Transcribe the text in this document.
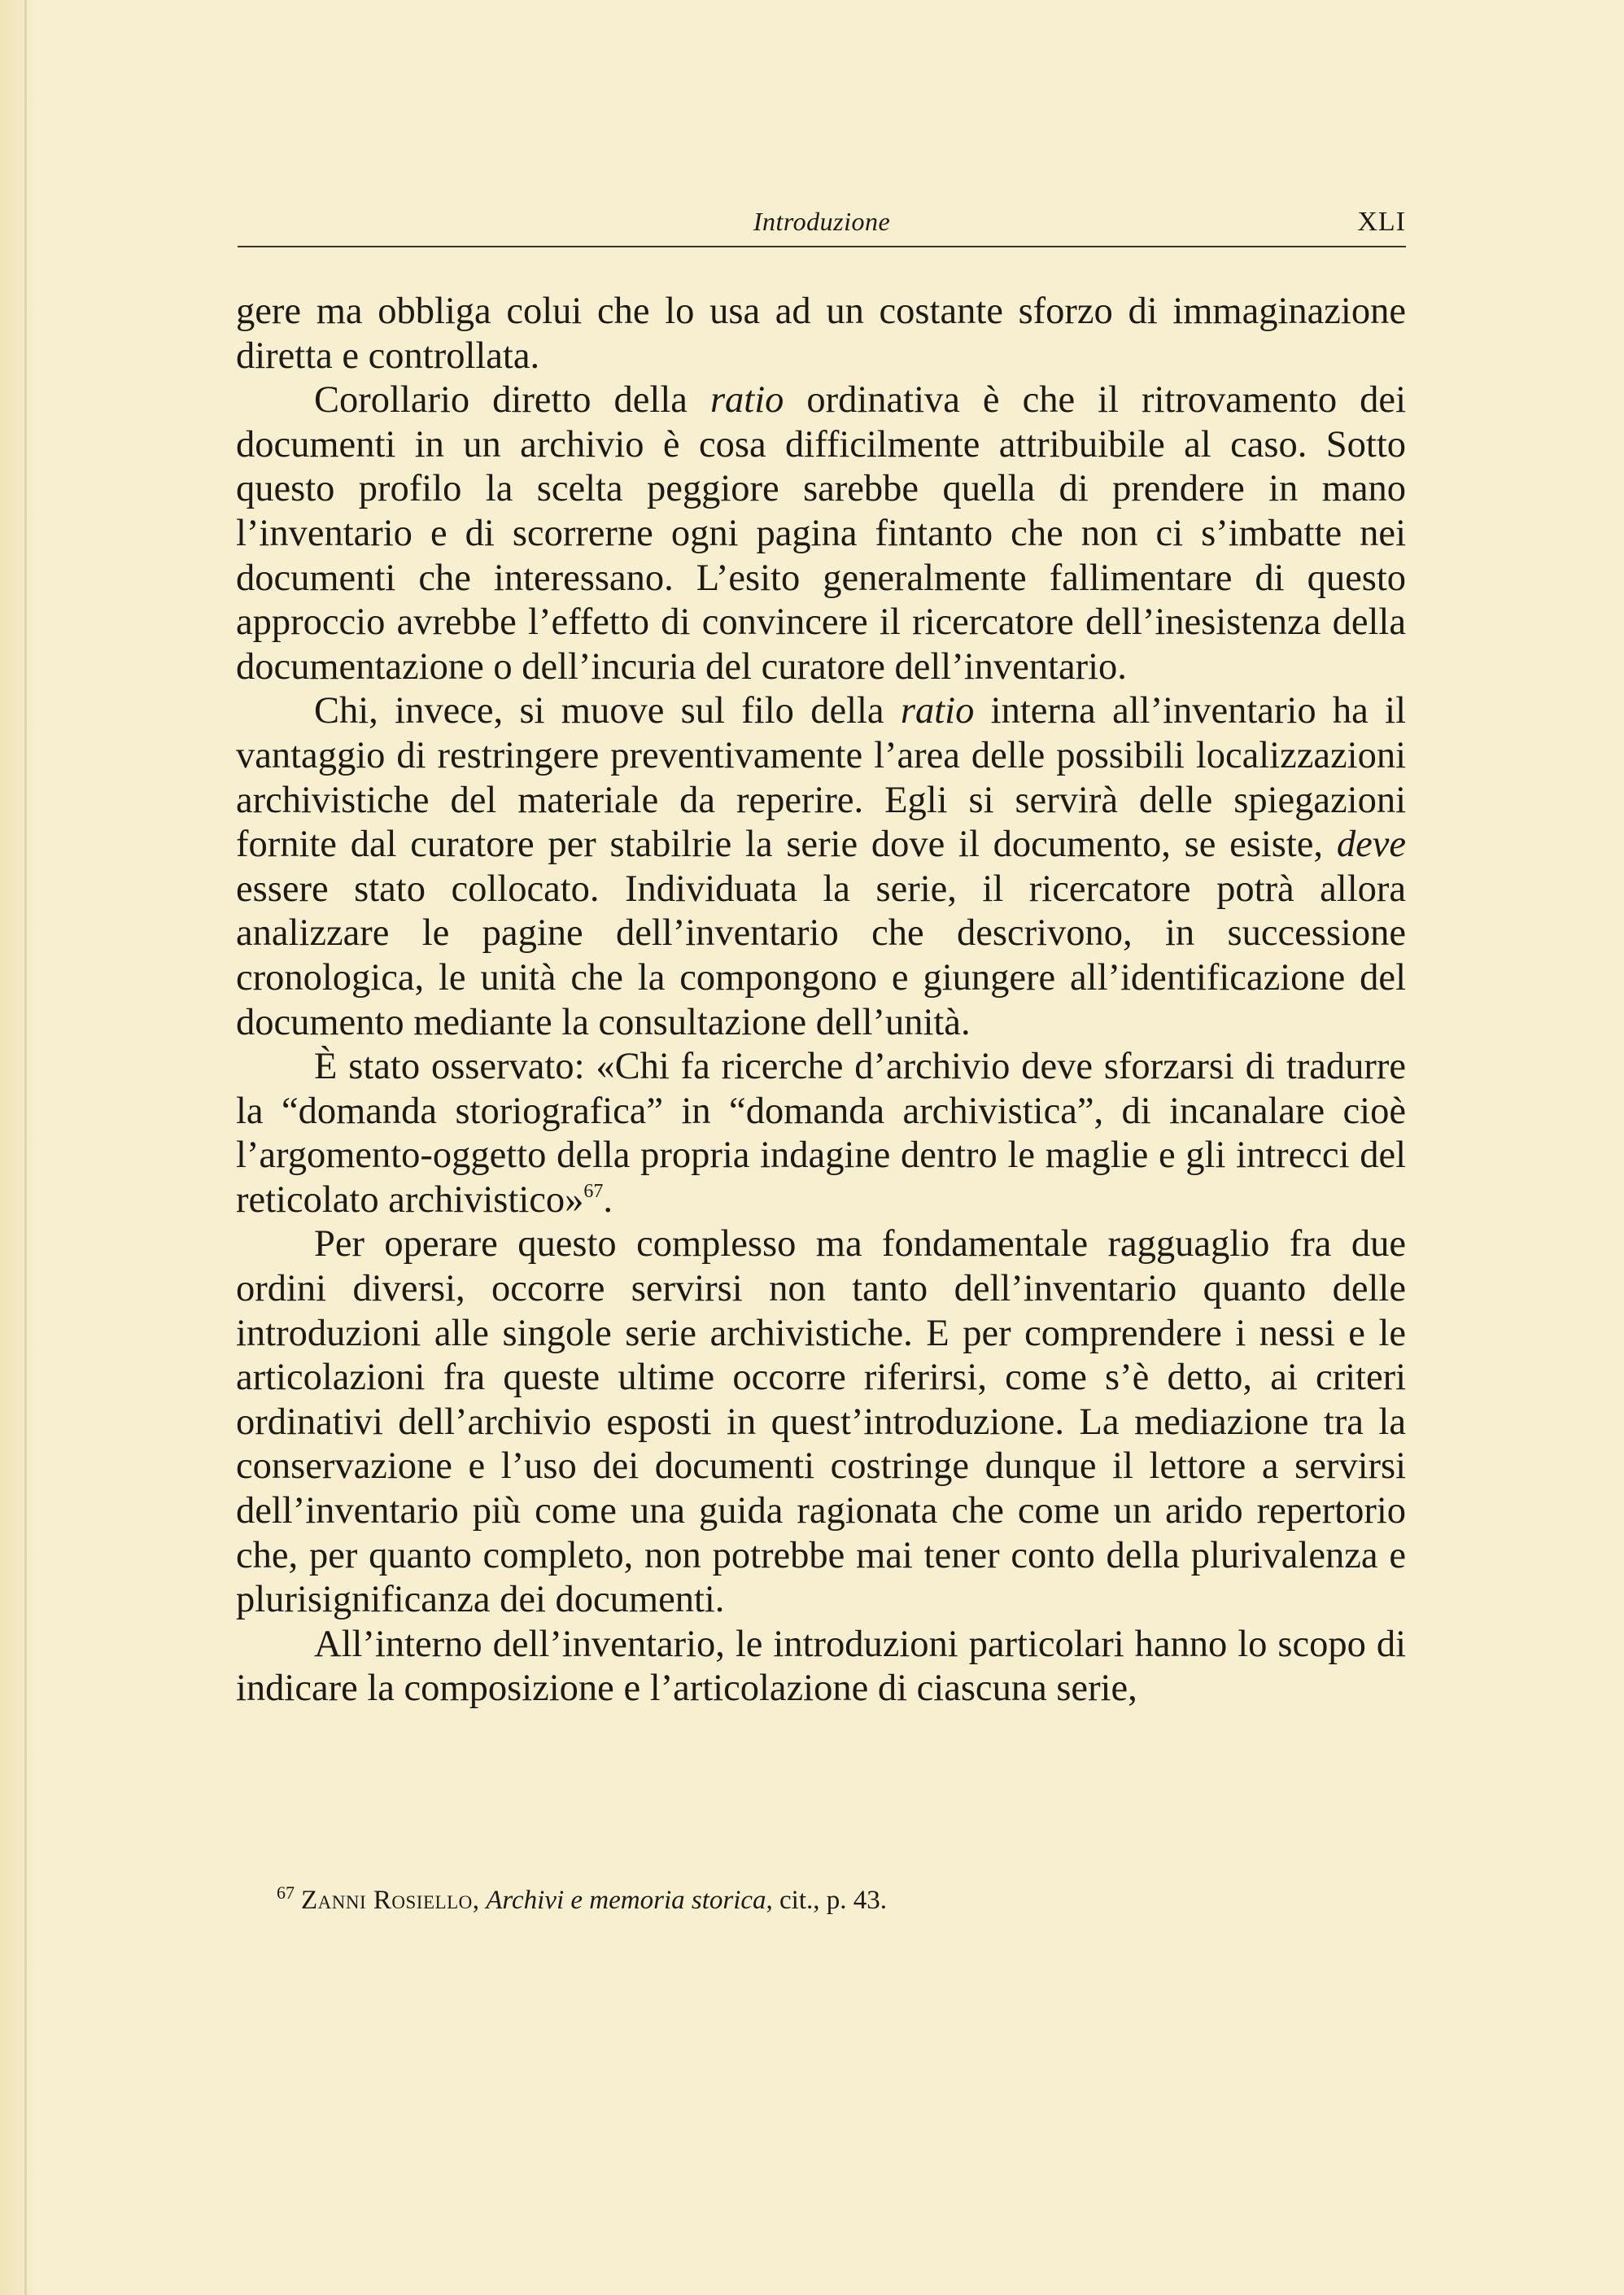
Introduzione	XLI

gere ma obbliga colui che lo usa ad un costante sforzo di immaginazione diretta e controllata.

Corollario diretto della ratio ordinativa è che il ritrovamento dei documenti in un archivio è cosa difficilmente attribuibile al caso. Sotto questo profilo la scelta peggiore sarebbe quella di prendere in mano l’inventario e di scorrerne ogni pagina fintanto che non ci s’imbatte nei documenti che interessano. L’esito generalmente fallimentare di questo approccio avrebbe l’effetto di convincere il ricercatore dell’inesistenza della documentazione o dell’incuria del curatore dell’inventario.

Chi, invece, si muove sul filo della ratio interna all’inventario ha il vantaggio di restringere preventivamente l’area delle possibili localizzazioni archivistiche del materiale da reperire. Egli si servirà delle spiegazioni fornite dal curatore per stabilrie la serie dove il documento, se esiste, deve essere stato collocato. Individuata la serie, il ricercatore potrà allora analizzare le pagine dell’inventario che descrivono, in successione cronologica, le unità che la compongono e giungere all’identificazione del documento mediante la consultazione dell’unità.

È stato osservato: «Chi fa ricerche d’archivio deve sforzarsi di tradurre la “domanda storiografica” in “domanda archivistica”, di incanalare cioè l’argomento-oggetto della propria indagine dentro le maglie e gli intrecci del reticolato archivistico»$^{67}$.

Per operare questo complesso ma fondamentale ragguaglio fra due ordini diversi, occorre servirsi non tanto dell’inventario quanto delle introduzioni alle singole serie archivistiche. E per comprendere i nessi e le articolazioni fra queste ultime occorre riferirsi, come s’è detto, ai criteri ordinativi dell’archivio esposti in quest’introduzione. La mediazione tra la conservazione e l’uso dei documenti costringe dunque il lettore a servirsi dell’inventario più come una guida ragionata che come un arido repertorio che, per quanto completo, non potrebbe mai tener conto della plurivalenza e plurisignificanza dei documenti.

All’interno dell’inventario, le introduzioni particolari hanno lo scopo di indicare la composizione e l’articolazione di ciascuna serie,

$^{67}$ Zanni Rosiello, Archivi e memoria storica, cit., p. 43.
